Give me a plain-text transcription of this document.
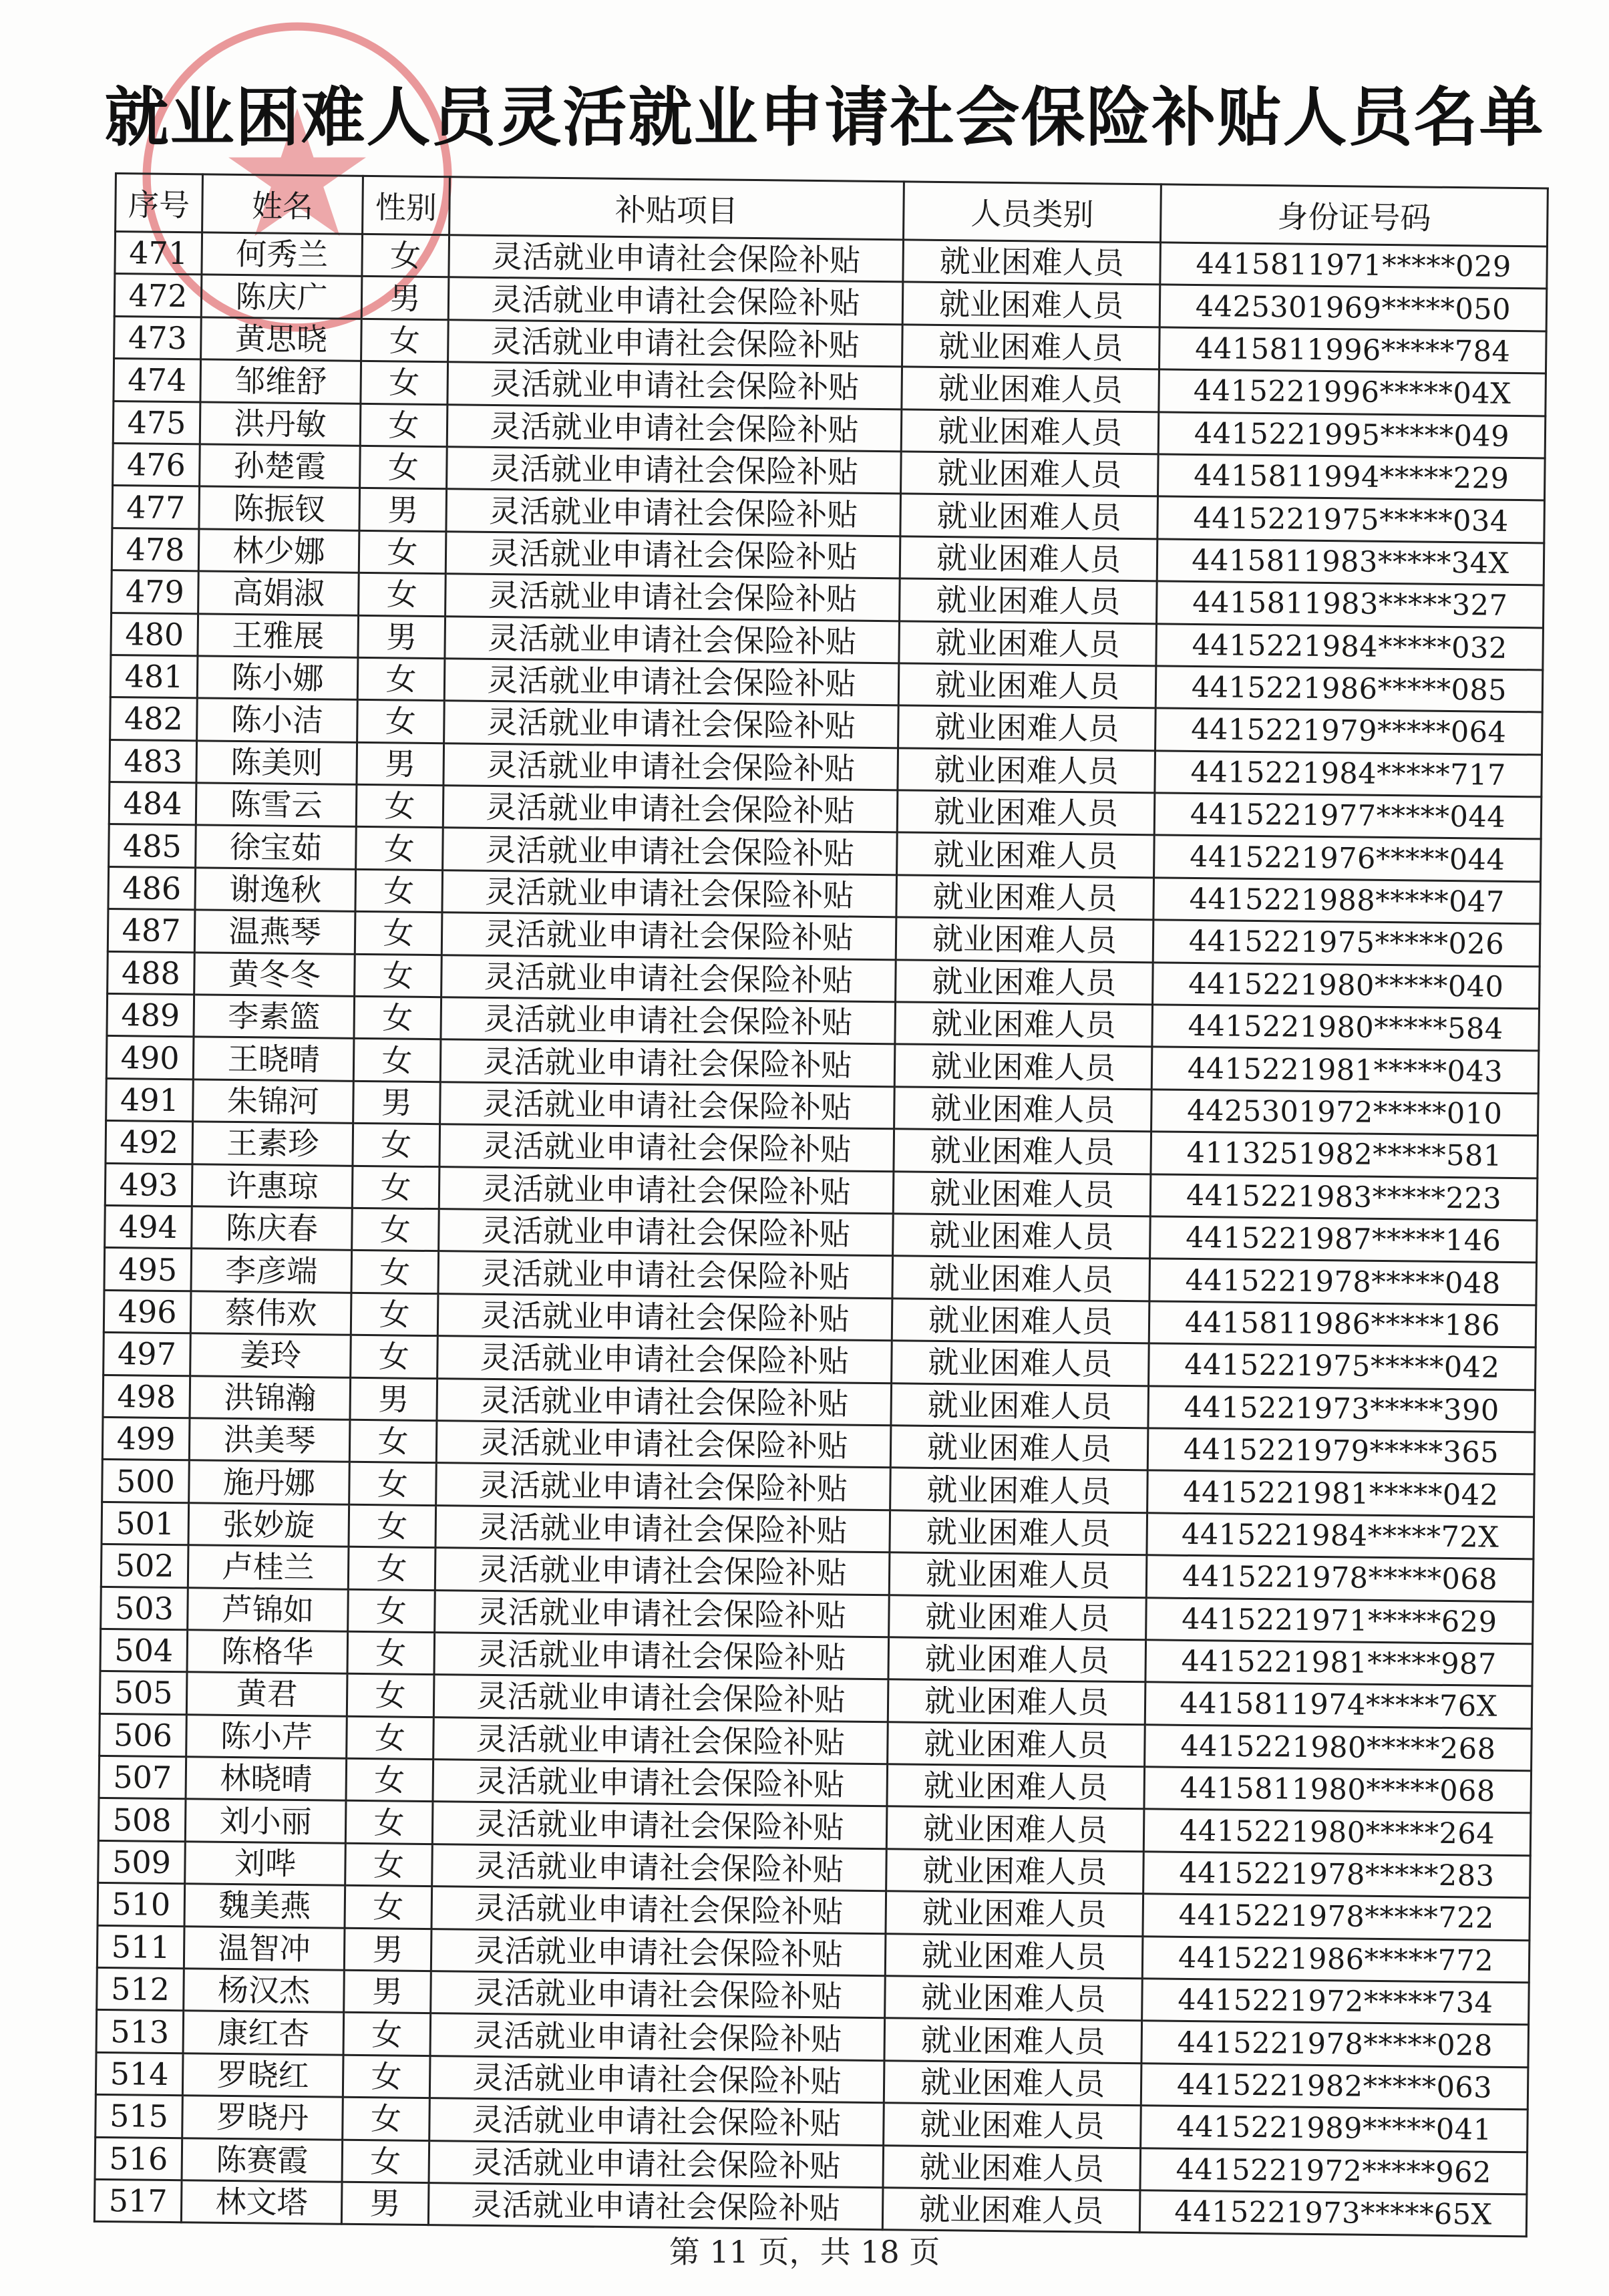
就业困难人员灵活就业申请社会保险补贴人员名单
序号	姓名	性别	补贴项目	人员类别	身份证号码
471	何秀兰	女	灵活就业申请社会保险补贴	就业困难人员	4415811971*****029
472	陈庆广	男	灵活就业申请社会保险补贴	就业困难人员	4425301969*****050
473	黄思晓	女	灵活就业申请社会保险补贴	就业困难人员	4415811996*****784
474	邹维舒	女	灵活就业申请社会保险补贴	就业困难人员	4415221996*****04X
475	洪丹敏	女	灵活就业申请社会保险补贴	就业困难人员	4415221995*****049
476	孙楚霞	女	灵活就业申请社会保险补贴	就业困难人员	4415811994*****229
477	陈振钗	男	灵活就业申请社会保险补贴	就业困难人员	4415221975*****034
478	林少娜	女	灵活就业申请社会保险补贴	就业困难人员	4415811983*****34X
479	高娟淑	女	灵活就业申请社会保险补贴	就业困难人员	4415811983*****327
480	王雅展	男	灵活就业申请社会保险补贴	就业困难人员	4415221984*****032
481	陈小娜	女	灵活就业申请社会保险补贴	就业困难人员	4415221986*****085
482	陈小洁	女	灵活就业申请社会保险补贴	就业困难人员	4415221979*****064
483	陈美则	男	灵活就业申请社会保险补贴	就业困难人员	4415221984*****717
484	陈雪云	女	灵活就业申请社会保险补贴	就业困难人员	4415221977*****044
485	徐宝茹	女	灵活就业申请社会保险补贴	就业困难人员	4415221976*****044
486	谢逸秋	女	灵活就业申请社会保险补贴	就业困难人员	4415221988*****047
487	温燕琴	女	灵活就业申请社会保险补贴	就业困难人员	4415221975*****026
488	黄冬冬	女	灵活就业申请社会保险补贴	就业困难人员	4415221980*****040
489	李素篮	女	灵活就业申请社会保险补贴	就业困难人员	4415221980*****584
490	王晓晴	女	灵活就业申请社会保险补贴	就业困难人员	4415221981*****043
491	朱锦河	男	灵活就业申请社会保险补贴	就业困难人员	4425301972*****010
492	王素珍	女	灵活就业申请社会保险补贴	就业困难人员	4113251982*****581
493	许惠琼	女	灵活就业申请社会保险补贴	就业困难人员	4415221983*****223
494	陈庆春	女	灵活就业申请社会保险补贴	就业困难人员	4415221987*****146
495	李彦端	女	灵活就业申请社会保险补贴	就业困难人员	4415221978*****048
496	蔡伟欢	女	灵活就业申请社会保险补贴	就业困难人员	4415811986*****186
497	姜玲	女	灵活就业申请社会保险补贴	就业困难人员	4415221975*****042
498	洪锦瀚	男	灵活就业申请社会保险补贴	就业困难人员	4415221973*****390
499	洪美琴	女	灵活就业申请社会保险补贴	就业困难人员	4415221979*****365
500	施丹娜	女	灵活就业申请社会保险补贴	就业困难人员	4415221981*****042
501	张妙旋	女	灵活就业申请社会保险补贴	就业困难人员	4415221984*****72X
502	卢桂兰	女	灵活就业申请社会保险补贴	就业困难人员	4415221978*****068
503	芦锦如	女	灵活就业申请社会保险补贴	就业困难人员	4415221971*****629
504	陈格华	女	灵活就业申请社会保险补贴	就业困难人员	4415221981*****987
505	黄君	女	灵活就业申请社会保险补贴	就业困难人员	4415811974*****76X
506	陈小芹	女	灵活就业申请社会保险补贴	就业困难人员	4415221980*****268
507	林晓晴	女	灵活就业申请社会保险补贴	就业困难人员	4415811980*****068
508	刘小丽	女	灵活就业申请社会保险补贴	就业困难人员	4415221980*****264
509	刘哔	女	灵活就业申请社会保险补贴	就业困难人员	4415221978*****283
510	魏美燕	女	灵活就业申请社会保险补贴	就业困难人员	4415221978*****722
511	温智冲	男	灵活就业申请社会保险补贴	就业困难人员	4415221986*****772
512	杨汉杰	男	灵活就业申请社会保险补贴	就业困难人员	4415221972*****734
513	康红杏	女	灵活就业申请社会保险补贴	就业困难人员	4415221978*****028
514	罗晓红	女	灵活就业申请社会保险补贴	就业困难人员	4415221982*****063
515	罗晓丹	女	灵活就业申请社会保险补贴	就业困难人员	4415221989*****041
516	陈赛霞	女	灵活就业申请社会保险补贴	就业困难人员	4415221972*****962
517	林文塔	男	灵活就业申请社会保险补贴	就业困难人员	4415221973*****65X
第 11 页，共 18 页
